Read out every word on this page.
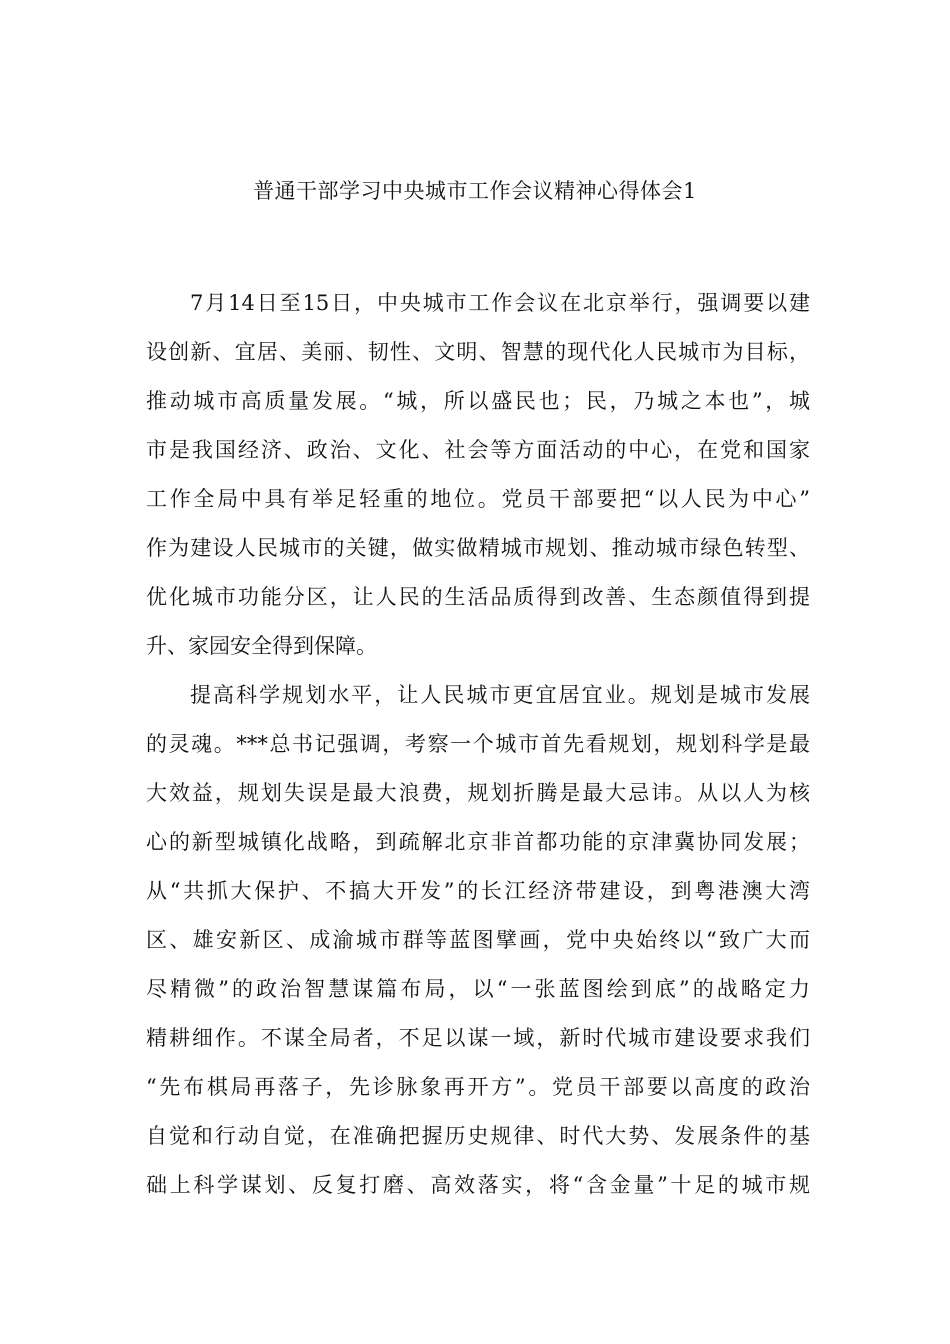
普通干部学习中央城市工作会议精神心得体会1
7月14日至15日，中央城市工作会议在北京举行，强调要以建
设创新、宜居、美丽、韧性、文明、智慧的现代化人民城市为目标，
推动城市高质量发展。“城，所以盛民也；民，乃城之本也”，城
市是我国经济、政治、文化、社会等方面活动的中心，在党和国家
工作全局中具有举足轻重的地位。党员干部要把“以人民为中心”
作为建设人民城市的关键，做实做精城市规划、推动城市绿色转型、
优化城市功能分区，让人民的生活品质得到改善、生态颜值得到提
升、家园安全得到保障。
提高科学规划水平，让人民城市更宜居宜业。规划是城市发展
的灵魂。***总书记强调，考察一个城市首先看规划，规划科学是最
大效益，规划失误是最大浪费，规划折腾是最大忌讳。从以人为核
心的新型城镇化战略，到疏解北京非首都功能的京津冀协同发展；
从“共抓大保护、不搞大开发”的长江经济带建设，到粤港澳大湾
区、雄安新区、成渝城市群等蓝图擘画，党中央始终以“致广大而
尽精微”的政治智慧谋篇布局，以“一张蓝图绘到底”的战略定力
精耕细作。不谋全局者，不足以谋一域，新时代城市建设要求我们
“先布棋局再落子，先诊脉象再开方”。党员干部要以高度的政治
自觉和行动自觉，在准确把握历史规律、时代大势、发展条件的基
础上科学谋划、反复打磨、高效落实，将“含金量”十足的城市规
